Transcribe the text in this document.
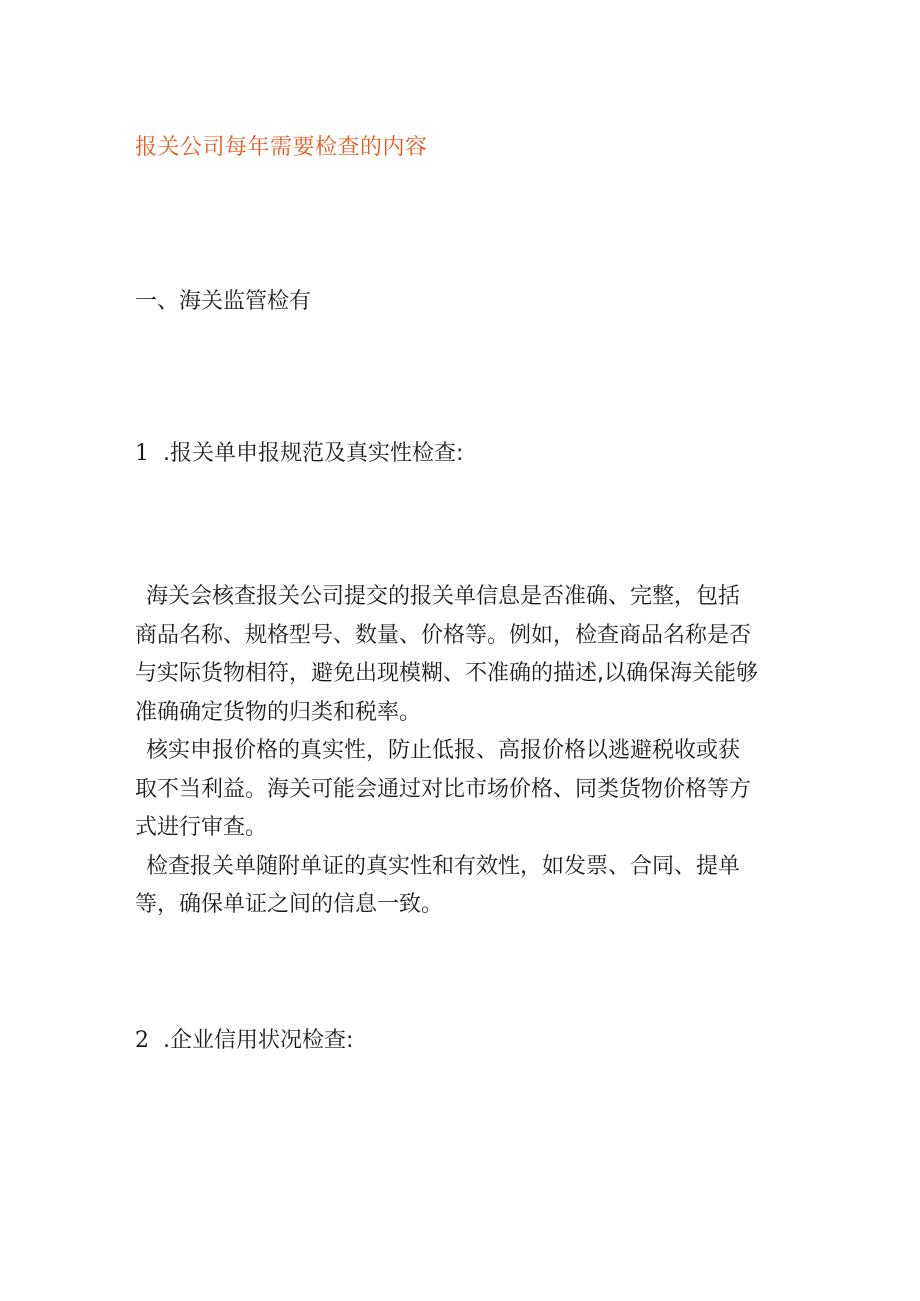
报关公司每年需要检查的内容
一、海关监管检有
1 .报关单申报规范及真实性检查:

海关会核查报关公司提交的报关单信息是否准确、完整，包括
商品名称、规格型号、数量、价格等。例如，检查商品名称是否
与实际货物相符，避免出现模糊、不准确的描述,以确保海关能够
准确确定货物的归类和税率。

核实申报价格的真实性，防止低报、高报价格以逃避税收或获
取不当利益。海关可能会通过对比市场价格、同类货物价格等方
式进行审查。

检查报关单随附单证的真实性和有效性，如发票、合同、提单
等，确保单证之间的信息一致。

2 .企业信用状况检查:
